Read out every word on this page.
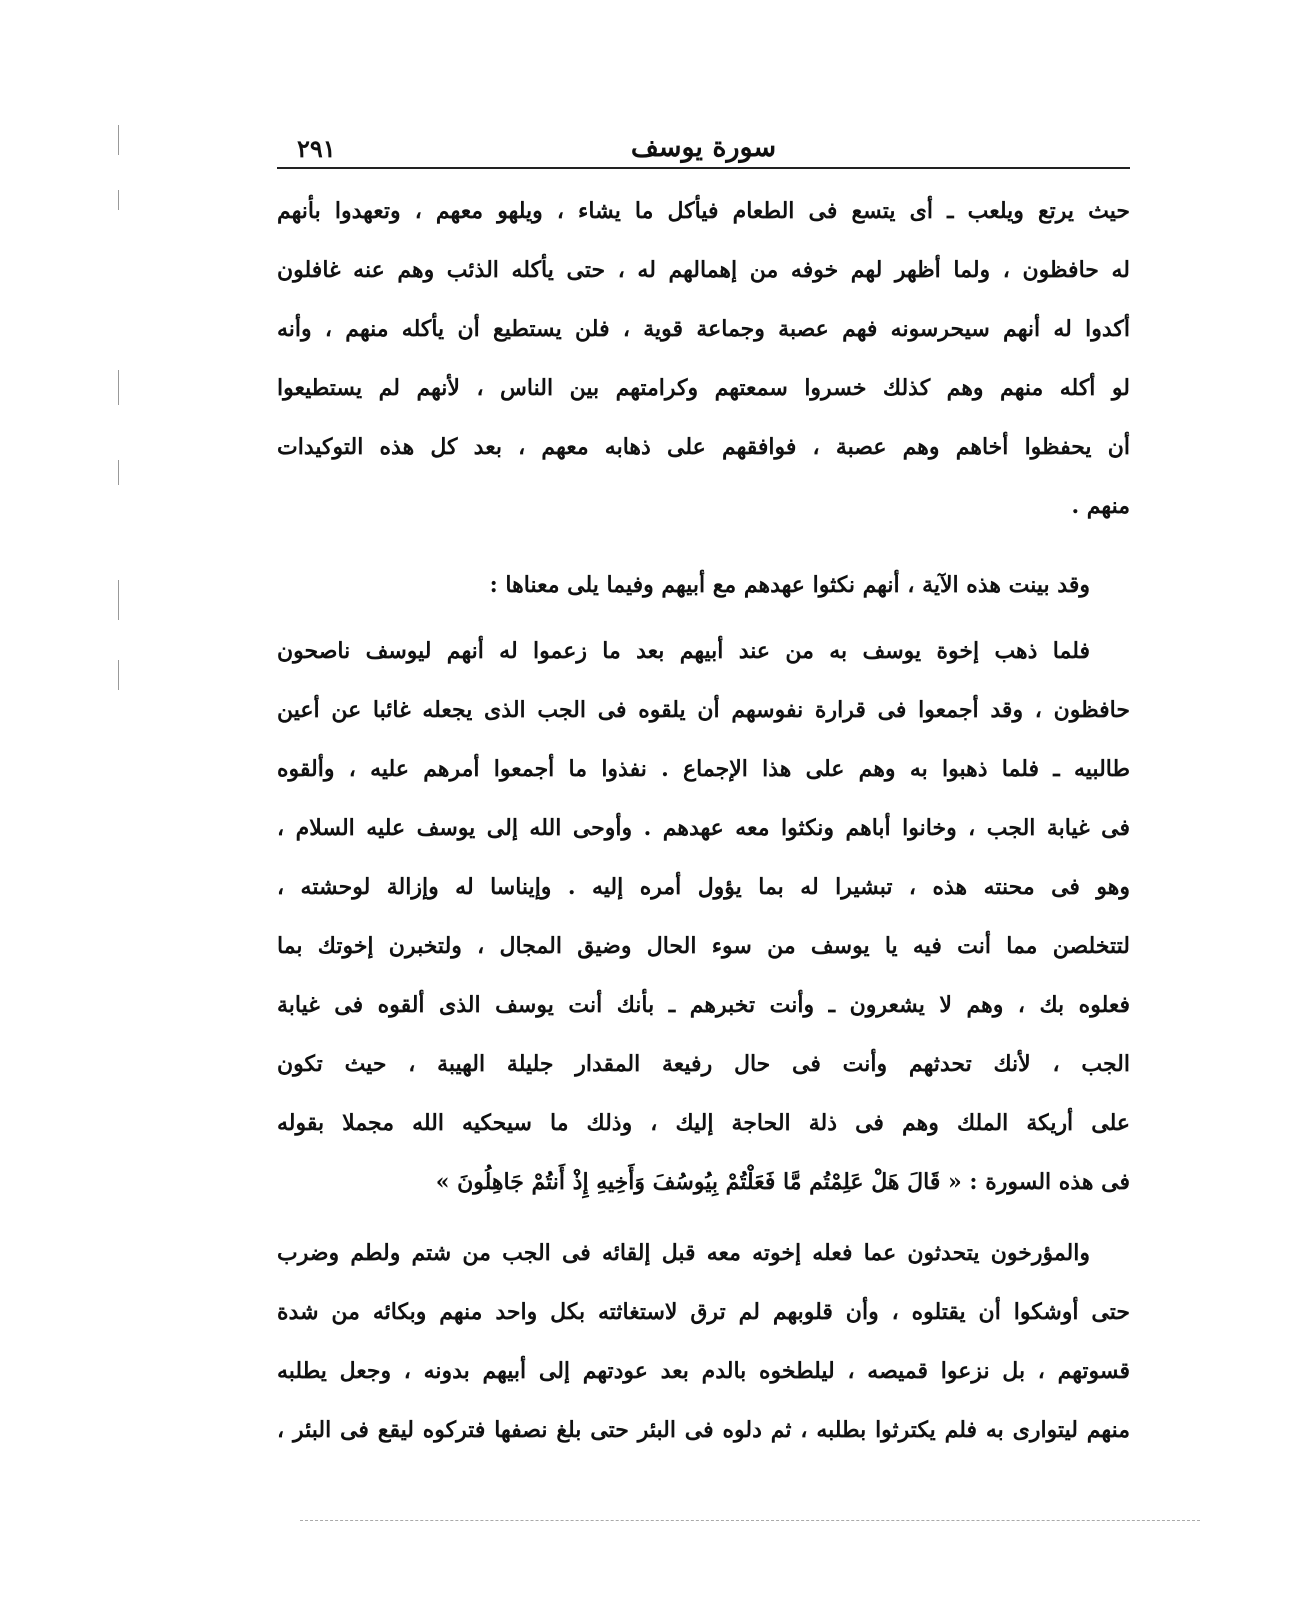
سورة يوسف
٢٩١
حيث يرتع ويلعب ـ أى يتسع فى الطعام فيأكل ما يشاء ، ويلهو معهم ، وتعهدوا بأنهم
له حافظون ، ولما أظهر لهم خوفه من إهمالهم له ، حتى يأكله الذئب وهم عنه غافلون
أكدوا له أنهم سيحرسونه فهم عصبة وجماعة قوية ، فلن يستطيع أن يأكله منهم ، وأنه
لو أكله منهم وهم كذلك خسروا سمعتهم وكرامتهم بين الناس ، لأنهم لم يستطيعوا
أن يحفظوا أخاهم وهم عصبة ، فوافقهم على ذهابه معهم ، بعد كل هذه التوكيدات
منهم .
وقد بينت هذه الآية ، أنهم نكثوا عهدهم مع أبيهم وفيما يلى معناها :
فلما ذهب إخوة يوسف به من عند أبيهم بعد ما زعموا له أنهم ليوسف ناصحون
حافظون ، وقد أجمعوا فى قرارة نفوسهم أن يلقوه فى الجب الذى يجعله غائبا عن أعين
طالبيه ـ فلما ذهبوا به وهم على هذا الإجماع . نفذوا ما أجمعوا أمرهم عليه ، وألقوه
فى غيابة الجب ، وخانوا أباهم ونكثوا معه عهدهم . وأوحى الله إلى يوسف عليه السلام ،
وهو فى محنته هذه ، تبشيرا له بما يؤول أمره إليه . وإيناسا له وإزالة لوحشته ،
لتتخلصن مما أنت فيه يا يوسف من سوء الحال وضيق المجال ، ولتخبرن إخوتك بما
فعلوه بك ، وهم لا يشعرون ـ وأنت تخبرهم ـ بأنك أنت يوسف الذى ألقوه فى غيابة
الجب ، لأنك تحدثهم وأنت فى حال رفيعة المقدار جليلة الهيبة ، حيث تكون
على أريكة الملك وهم فى ذلة الحاجة إليك ، وذلك ما سيحكيه الله مجملا بقوله
فى هذه السورة : « قَالَ هَلْ عَلِمْتُم مَّا فَعَلْتُمْ بِيُوسُفَ وَأَخِيهِ إِذْ أَنتُمْ جَاهِلُونَ »
والمؤرخون يتحدثون عما فعله إخوته معه قبل إلقائه فى الجب من شتم ولطم وضرب
حتى أوشكوا أن يقتلوه ، وأن قلوبهم لم ترق لاستغاثته بكل واحد منهم وبكائه من شدة
قسوتهم ، بل نزعوا قميصه ، ليلطخوه بالدم بعد عودتهم إلى أبيهم بدونه ، وجعل يطلبه
منهم ليتوارى به فلم يكترثوا بطلبه ، ثم دلوه فى البئر حتى بلغ نصفها فتركوه ليقع فى البئر ،
